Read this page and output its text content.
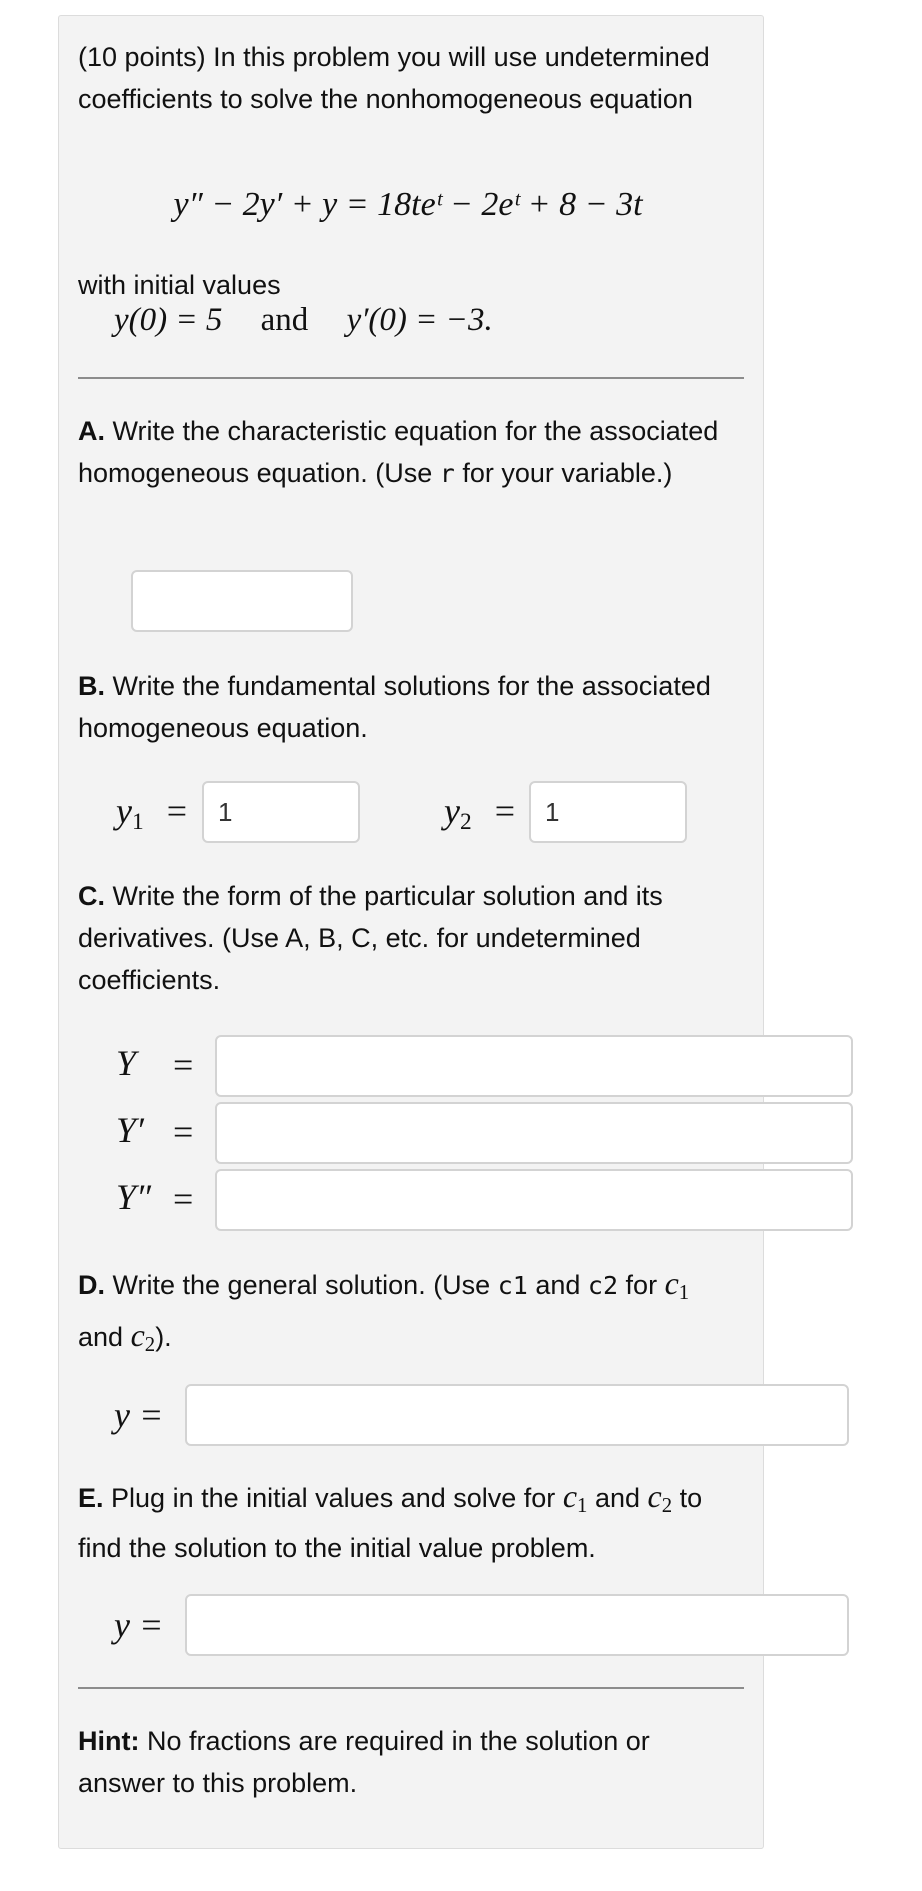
(10 points) In this problem you will use undetermined coefficients to solve the nonhomogeneous equation

y″ − 2y′ + y = 18teᵗ − 2eᵗ + 8 − 3t

with initial values

y(0) = 5 and y′(0) = −3.

A. Write the characteristic equation for the associated homogeneous equation. (Use r for your variable.)

B. Write the fundamental solutions for the associated homogeneous equation.

$y_1$ =
1	$y_2$ =
1

C. Write the form of the particular solution and its derivatives. (Use A, B, C, etc. for undetermined coefficients.

Y =
Y′ =
Y″ =

D. Write the general solution. (Use c1 and c2 for $c_1$ and $c_2$).

y =

E. Plug in the initial values and solve for $c_1$ and $c_2$ to find the solution to the initial value problem.

y =

Hint: No fractions are required in the solution or answer to this problem.
